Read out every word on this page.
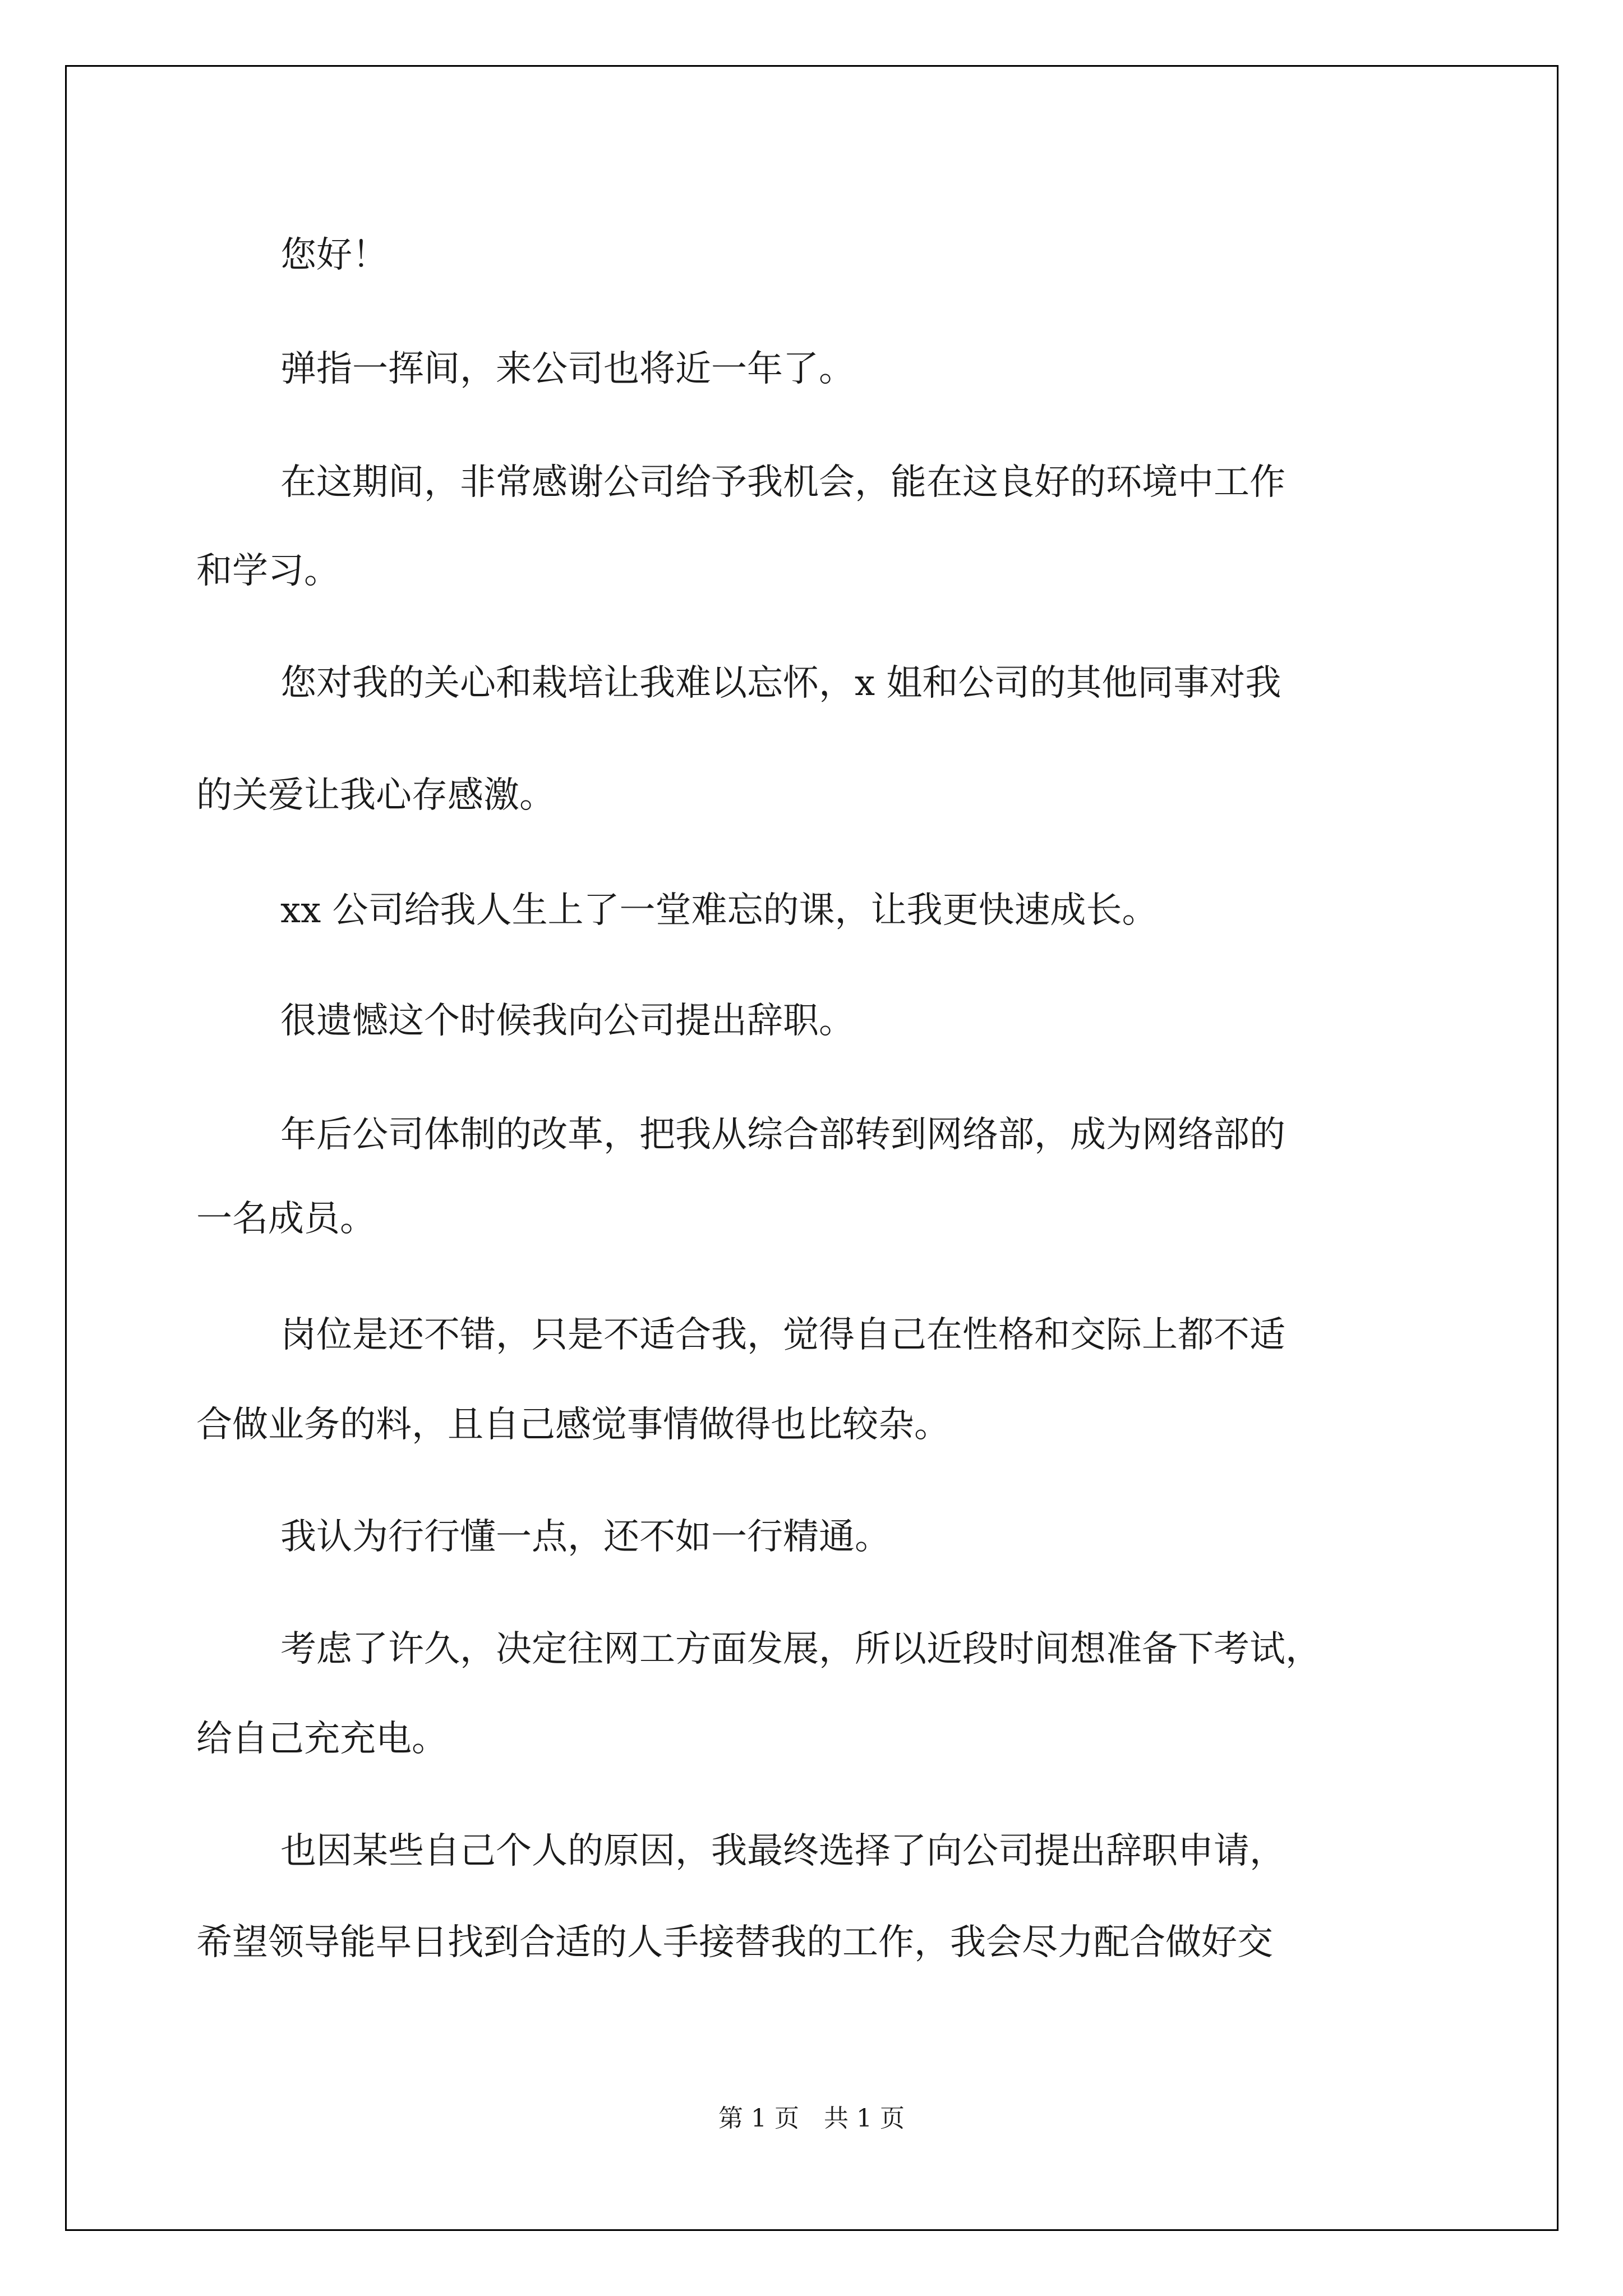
您好！
弹指一挥间，来公司也将近一年了。
在这期间，非常感谢公司给予我机会，能在这良好的环境中工作
和学习。
您对我的关心和栽培让我难以忘怀，x 姐和公司的其他同事对我
的关爱让我心存感激。
xx 公司给我人生上了一堂难忘的课，让我更快速成长。
很遗憾这个时候我向公司提出辞职。
年后公司体制的改革，把我从综合部转到网络部，成为网络部的
一名成员。
岗位是还不错，只是不适合我，觉得自己在性格和交际上都不适
合做业务的料，且自己感觉事情做得也比较杂。
我认为行行懂一点，还不如一行精通。
考虑了许久，决定往网工方面发展，所以近段时间想准备下考试，
给自己充充电。
也因某些自己个人的原因，我最终选择了向公司提出辞职申请，
希望领导能早日找到合适的人手接替我的工作，我会尽力配合做好交
第 1 页　共 1 页
